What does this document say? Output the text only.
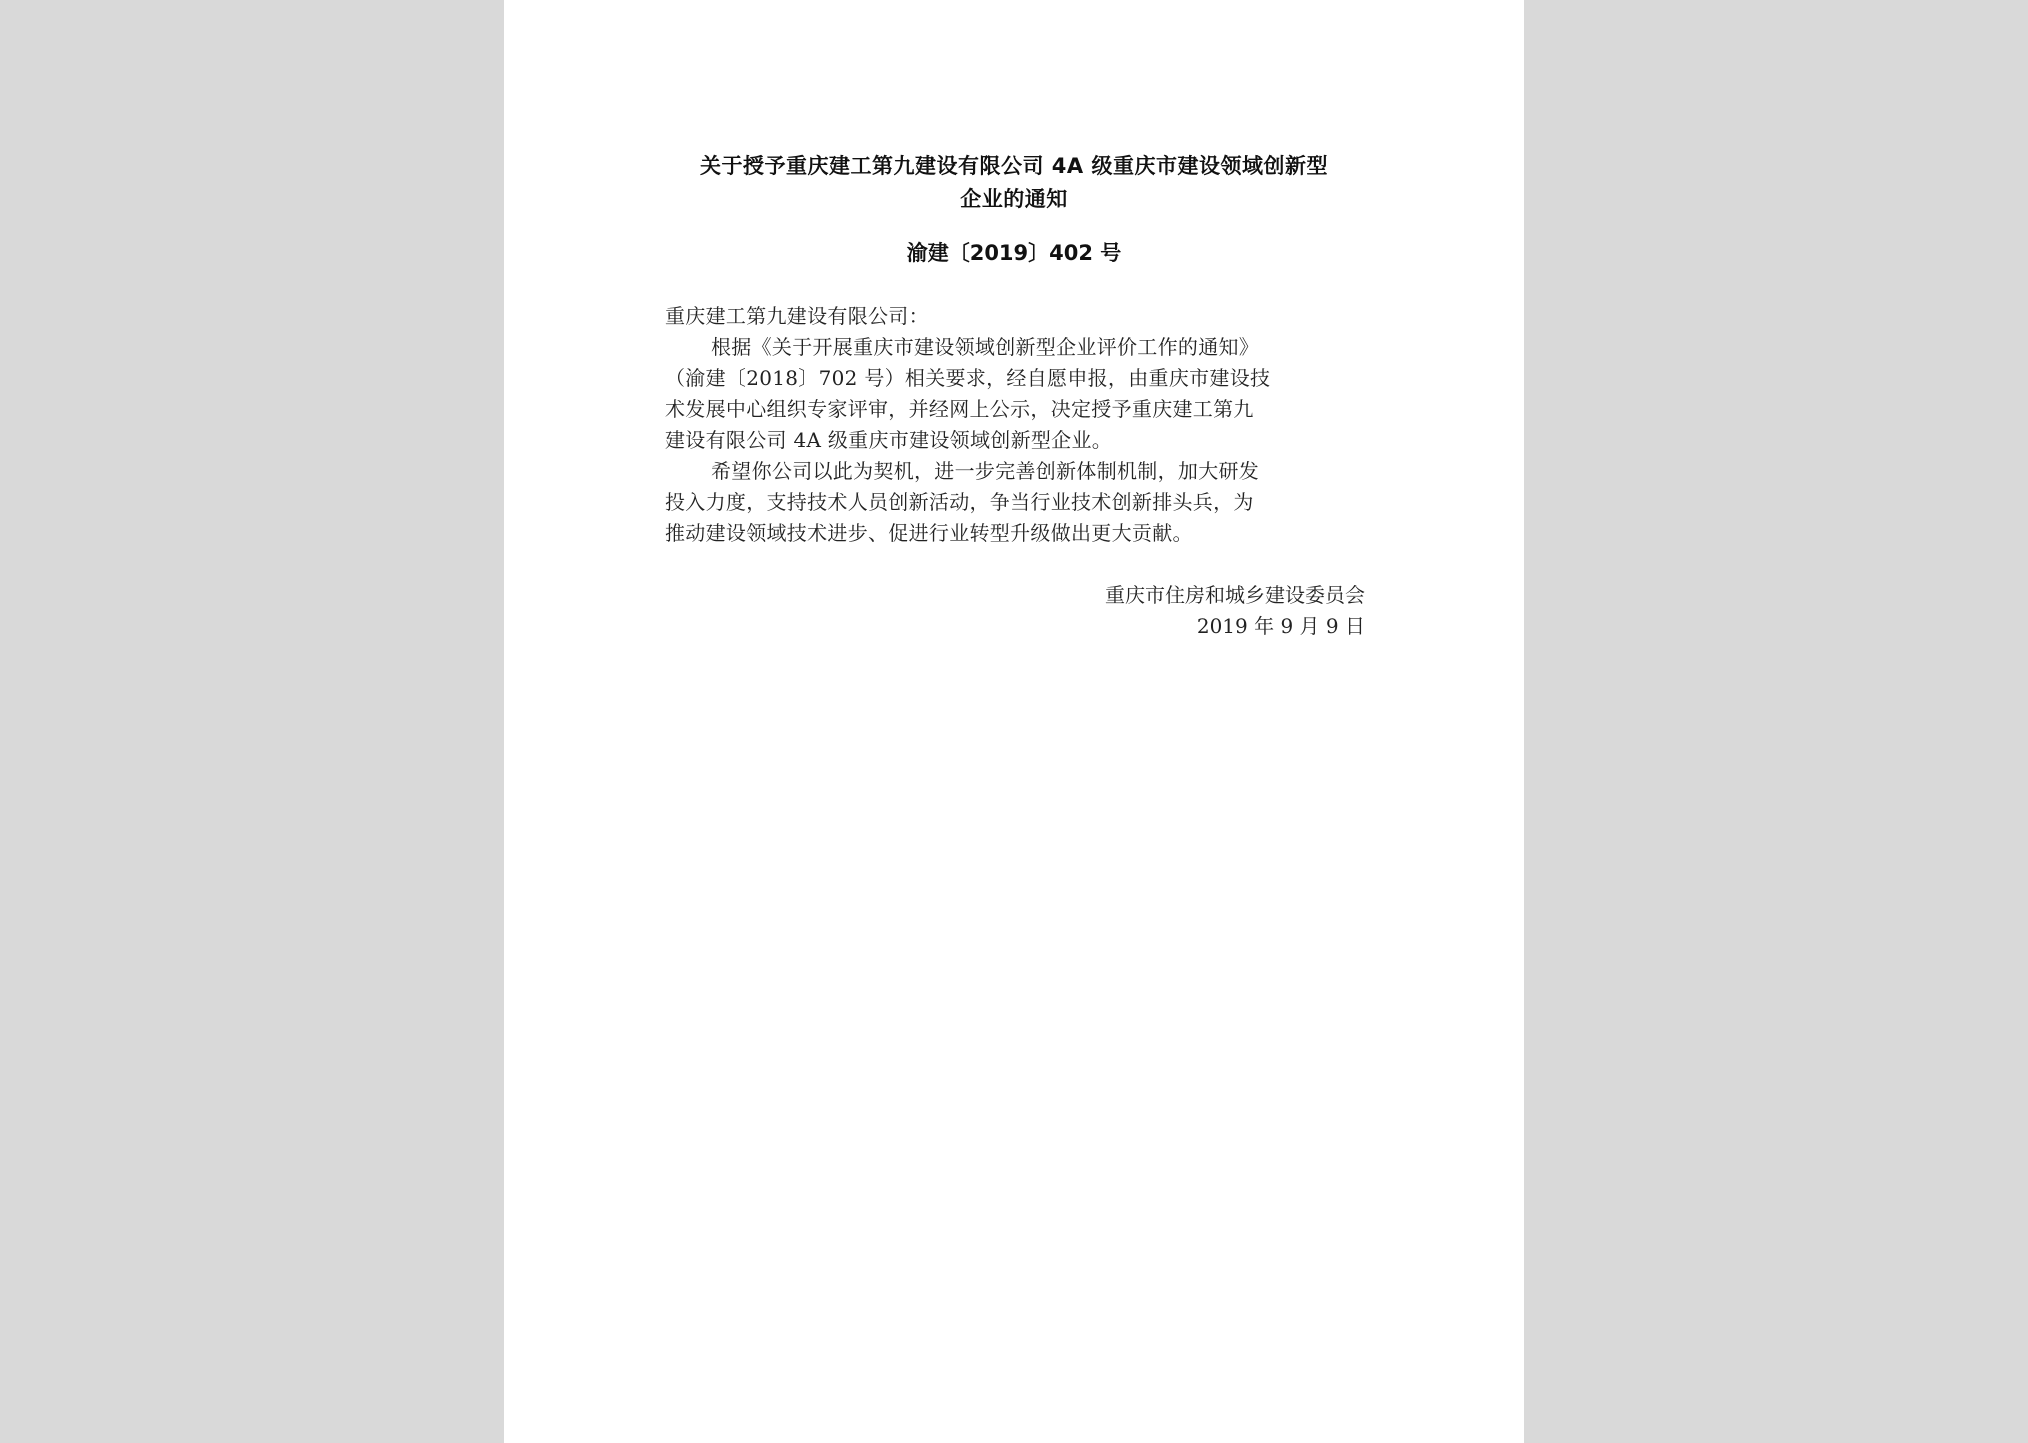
关于授予重庆建工第九建设有限公司 4A 级重庆市建设领域创新型
企业的通知
渝建〔2019〕402 号
重庆建工第九建设有限公司：
根据《关于开展重庆市建设领域创新型企业评价工作的通知》
（渝建〔2018〕702 号）相关要求，经自愿申报，由重庆市建设技
术发展中心组织专家评审，并经网上公示，决定授予重庆建工第九
建设有限公司 4A 级重庆市建设领域创新型企业。
希望你公司以此为契机，进一步完善创新体制机制，加大研发
投入力度，支持技术人员创新活动，争当行业技术创新排头兵，为
推动建设领域技术进步、促进行业转型升级做出更大贡献。
重庆市住房和城乡建设委员会
2019 年 9 月 9 日
